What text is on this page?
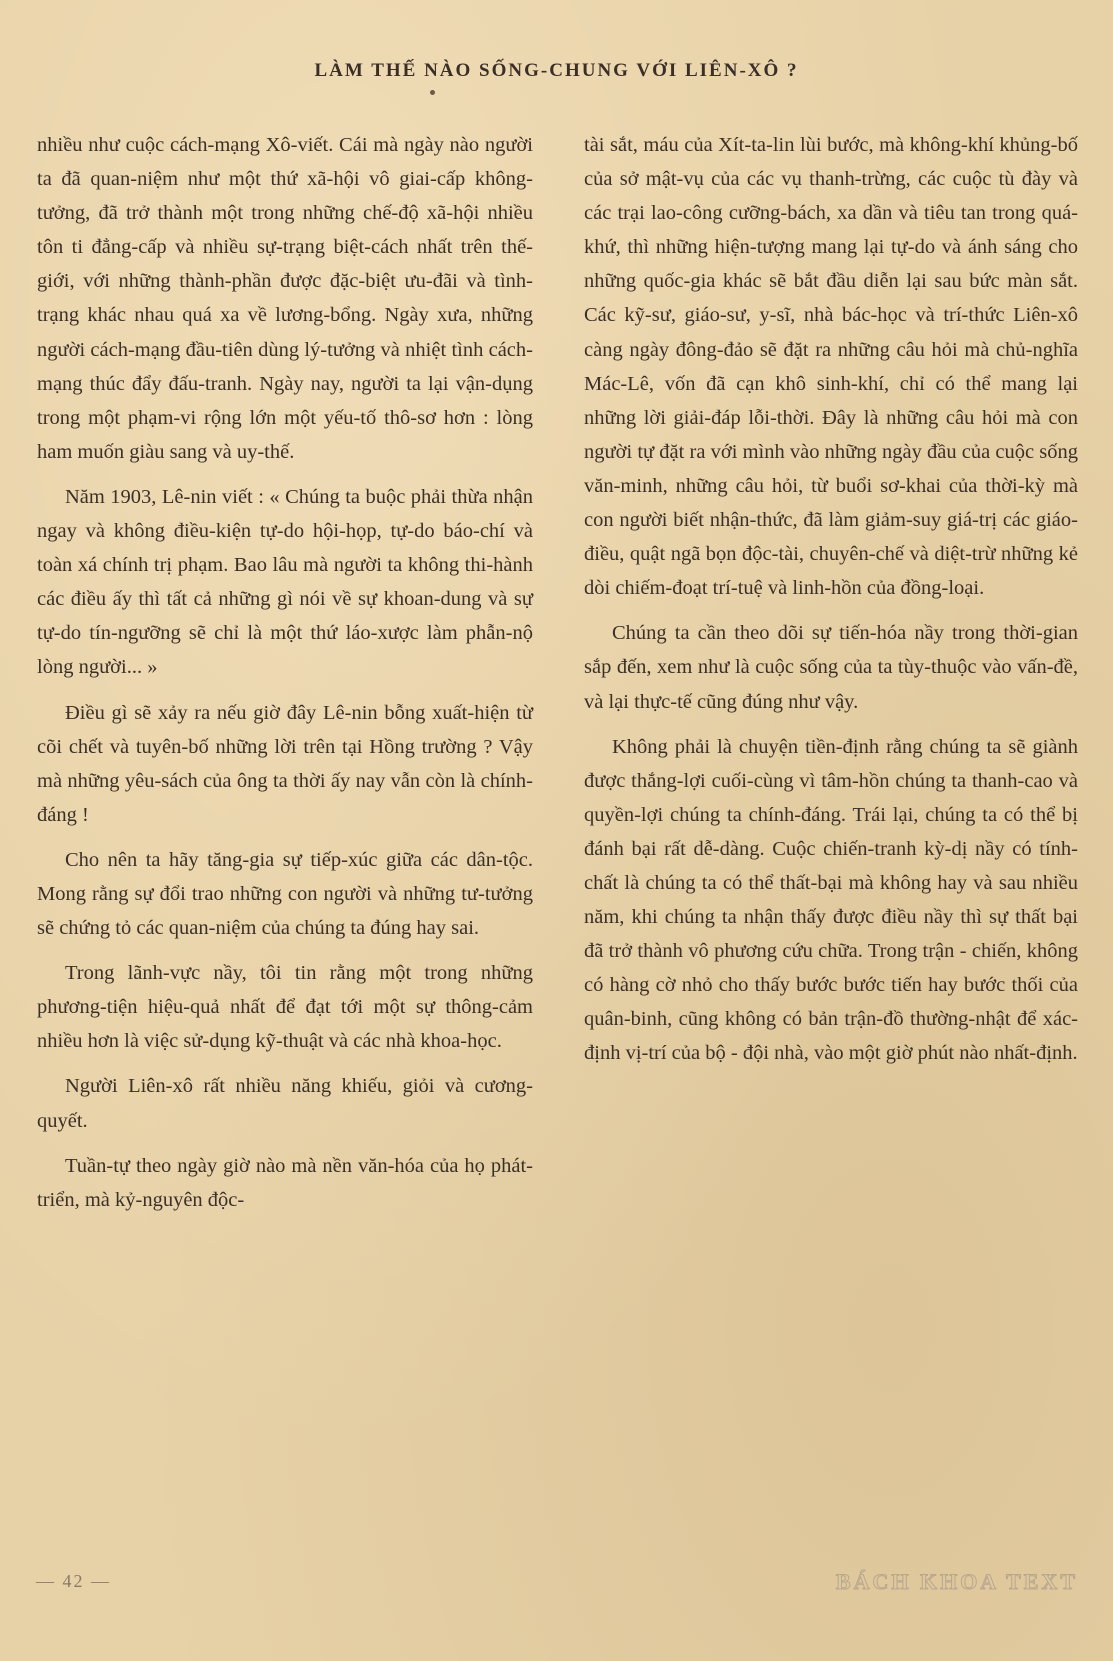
LÀM THẾ NÀO SỐNG-CHUNG VỚI LIÊN-XÔ ?

nhiều như cuộc cách-mạng Xô-viết. Cái mà ngày nào người ta đã quan-niệm như một thứ xã-hội vô giai-cấp không-tưởng, đã trở thành một trong những chế-độ xã-hội nhiều tôn ti đẳng-cấp và nhiều sự-trạng biệt-cách nhất trên thế-giới, với những thành-phần được đặc-biệt ưu-đãi và tình-trạng khác nhau quá xa về lương-bổng. Ngày xưa, những người cách-mạng đầu-tiên dùng lý-tưởng và nhiệt tình cách-mạng thúc đẩy đấu-tranh. Ngày nay, người ta lại vận-dụng trong một phạm-vi rộng lớn một yếu-tố thô-sơ hơn : lòng ham muốn giàu sang và uy-thế.

Năm 1903, Lê-nin viết : « Chúng ta buộc phải thừa nhận ngay và không điều-kiện tự-do hội-họp, tự-do báo-chí và toàn xá chính trị phạm. Bao lâu mà người ta không thi-hành các điều ấy thì tất cả những gì nói về sự khoan-dung và sự tự-do tín-ngưỡng sẽ chỉ là một thứ láo-xược làm phẫn-nộ lòng người... »

Điều gì sẽ xảy ra nếu giờ đây Lê-nin bỗng xuất-hiện từ cõi chết và tuyên-bố những lời trên tại Hồng trường ? Vậy mà những yêu-sách của ông ta thời ấy nay vẫn còn là chính-đáng !

Cho nên ta hãy tăng-gia sự tiếp-xúc giữa các dân-tộc. Mong rằng sự đổi trao những con người và những tư-tưởng sẽ chứng tỏ các quan-niệm của chúng ta đúng hay sai.

Trong lãnh-vực nầy, tôi tin rằng một trong những phương-tiện hiệu-quả nhất để đạt tới một sự thông-cảm nhiều hơn là việc sử-dụng kỹ-thuật và các nhà khoa-học.

Người Liên-xô rất nhiều năng khiếu, giỏi và cương-quyết.

Tuần-tự theo ngày giờ nào mà nền văn-hóa của họ phát-triển, mà kỷ-nguyên độc-

tài sắt, máu của Xít-ta-lin lùi bước, mà không-khí khủng-bố của sở mật-vụ của các vụ thanh-trừng, các cuộc tù đày và các trại lao-công cưỡng-bách, xa dần và tiêu tan trong quá-khứ, thì những hiện-tượng mang lại tự-do và ánh sáng cho những quốc-gia khác sẽ bắt đầu diễn lại sau bức màn sắt. Các kỹ-sư, giáo-sư, y-sĩ, nhà bác-học và trí-thức Liên-xô càng ngày đông-đảo sẽ đặt ra những câu hỏi mà chủ-nghĩa Mác-Lê, vốn đã cạn khô sinh-khí, chỉ có thể mang lại những lời giải-đáp lỗi-thời. Đây là những câu hỏi mà con người tự đặt ra với mình vào những ngày đầu của cuộc sống văn-minh, những câu hỏi, từ buổi sơ-khai của thời-kỳ mà con người biết nhận-thức, đã làm giảm-suy giá-trị các giáo-điều, quật ngã bọn độc-tài, chuyên-chế và diệt-trừ những kẻ dòi chiếm-đoạt trí-tuệ và linh-hồn của đồng-loại.

Chúng ta cần theo dõi sự tiến-hóa nầy trong thời-gian sắp đến, xem như là cuộc sống của ta tùy-thuộc vào vấn-đề, và lại thực-tế cũng đúng như vậy.

Không phải là chuyện tiền-định rằng chúng ta sẽ giành được thắng-lợi cuối-cùng vì tâm-hồn chúng ta thanh-cao và quyền-lợi chúng ta chính-đáng. Trái lại, chúng ta có thể bị đánh bại rất dễ-dàng. Cuộc chiến-tranh kỳ-dị nầy có tính-chất là chúng ta có thể thất-bại mà không hay và sau nhiều năm, khi chúng ta nhận thấy được điều nầy thì sự thất bại đã trở thành vô phương cứu chữa. Trong trận - chiến, không có hàng cờ nhỏ cho thấy bước bước tiến hay bước thối của quân-binh, cũng không có bản trận-đồ thường-nhật để xác-định vị-trí của bộ - đội nhà, vào một giờ phút nào nhất-định.

— 42 —	BÁCH KHOA TEXT
